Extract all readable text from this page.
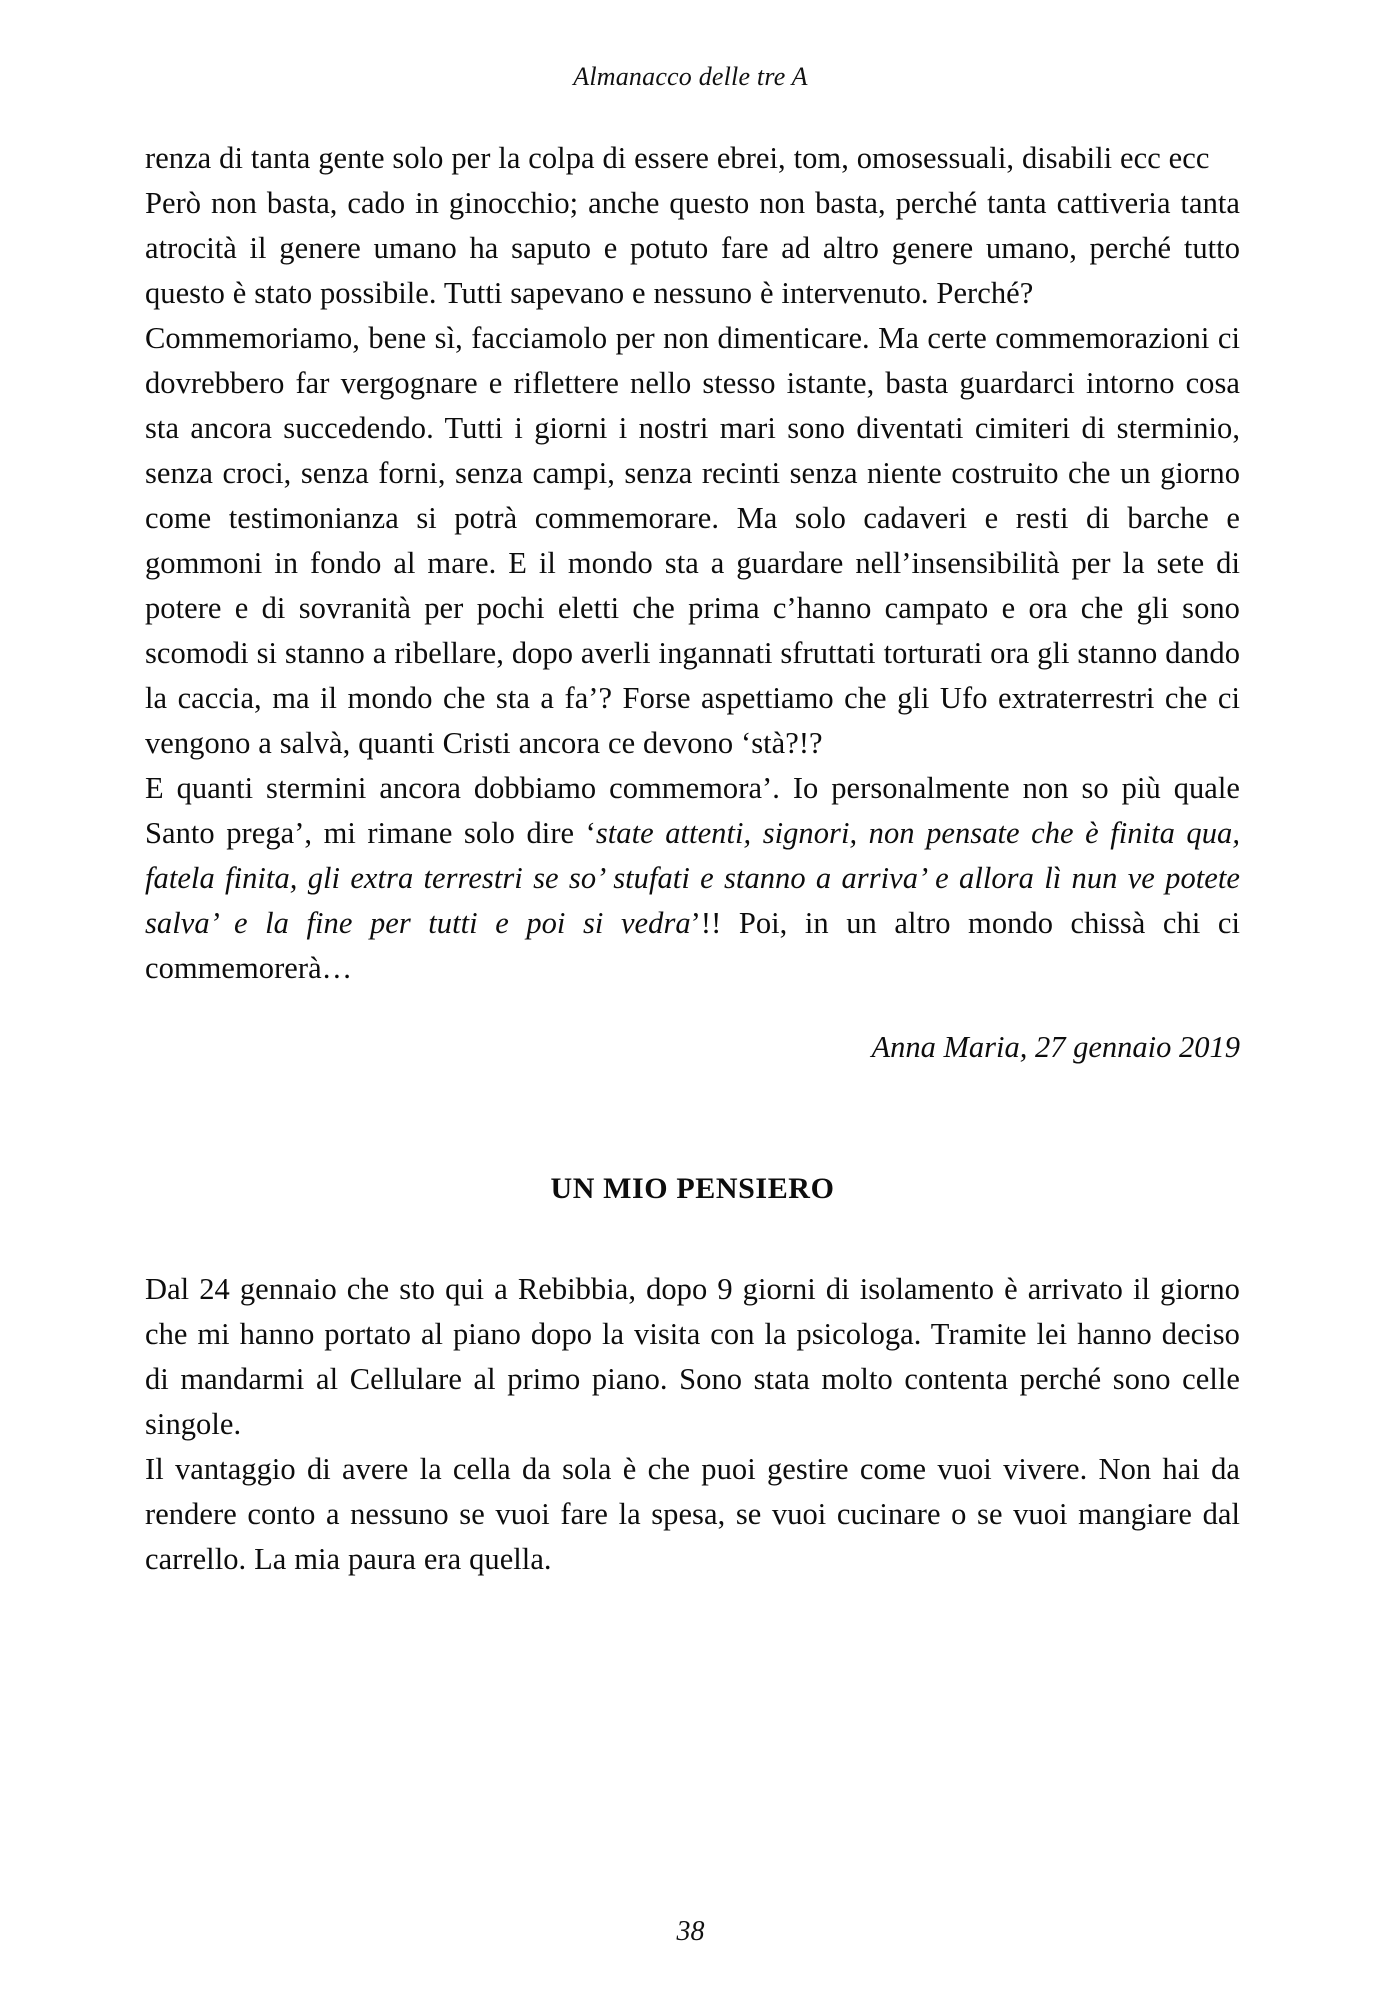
Almanacco delle tre A

renza di tanta gente solo per la colpa di essere ebrei, tom, omosessuali, disabili ecc ecc

Però non basta, cado in ginocchio; anche questo non basta, perché tanta cattiveria tanta atrocità il genere umano ha saputo e potuto fare ad altro genere umano, perché tutto questo è stato possibile. Tutti sapevano e nessuno è intervenuto. Perché?

Commemoriamo, bene sì, facciamolo per non dimenticare. Ma certe commemorazioni ci dovrebbero far vergognare e riflettere nello stesso istante, basta guardarci intorno cosa sta ancora succedendo. Tutti i giorni i nostri mari sono diventati cimiteri di sterminio, senza croci, senza forni, senza campi, senza recinti senza niente costruito che un giorno come testimonianza si potrà commemorare. Ma solo cadaveri e resti di barche e gommoni in fondo al mare. E il mondo sta a guardare nell’insensibilità per la sete di potere e di sovranità per pochi eletti che prima c’hanno campato e ora che gli sono scomodi si stanno a ribellare, dopo averli ingannati sfruttati torturati ora gli stanno dando la caccia, ma il mondo che sta a fa’? Forse aspettiamo che gli Ufo extraterrestri che ci vengono a salvà, quanti Cristi ancora ce devono ‘stà?!?

E quanti stermini ancora dobbiamo commemora’. Io personalmente non so più quale Santo prega’, mi rimane solo dire ‘state attenti, signori, non pensate che è finita qua, fatela finita, gli extra terrestri se so’ stufati e stanno a arriva’ e allora lì nun ve potete salva’ e la fine per tutti e poi si vedra’!! Poi, in un altro mondo chissà chi ci commemorerà…

Anna Maria, 27 gennaio 2019

UN MIO PENSIERO

Dal 24 gennaio che sto qui a Rebibbia, dopo 9 giorni di isolamento è arrivato il giorno che mi hanno portato al piano dopo la visita con la psicologa. Tramite lei hanno deciso di mandarmi al Cellulare al primo piano. Sono stata molto contenta perché sono celle singole.

Il vantaggio di avere la cella da sola è che puoi gestire come vuoi vivere. Non hai da rendere conto a nessuno se vuoi fare la spesa, se vuoi cucinare o se vuoi mangiare dal carrello. La mia paura era quella.

38
